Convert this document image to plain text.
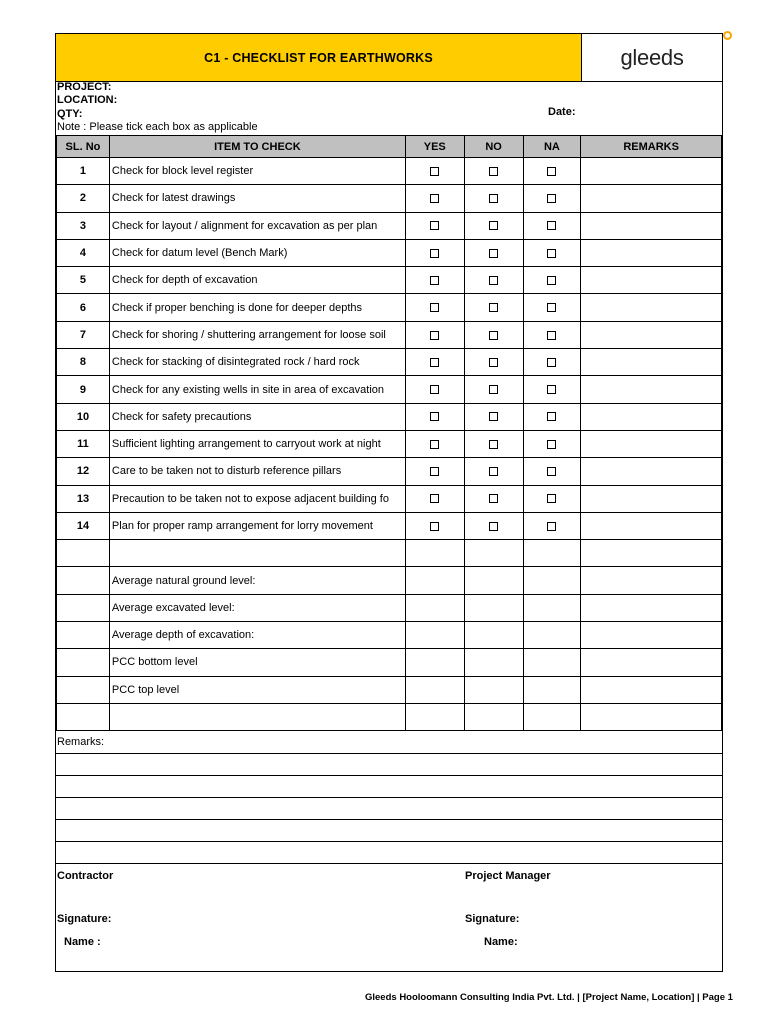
C1 - CHECKLIST FOR EARTHWORKS	gleeds
PROJECT:
LOCATION:
QTY:	Date:
Note : Please tick each box as applicable
SL. No	ITEM TO CHECK	YES	NO	NA	REMARKS
1	Check for block level register				
2	Check for latest drawings				
3	Check for layout / alignment for excavation as per plan				
4	Check for datum level (Bench Mark)				
5	Check for depth of excavation				
6	Check if proper benching is done for deeper depths				
7	Check for shoring / shuttering arrangement for loose soil				
8	Check for stacking of disintegrated rock / hard rock				
9	Check for any existing wells in site in area of excavation				
10	Check for safety precautions				
11	Sufficient lighting arrangement to carryout work at night				
12	Care to be taken not to disturb reference pillars				
13	Precaution to be taken not to expose adjacent building fo				
14	Plan for proper ramp arrangement for lorry movement				

	Average natural ground level:				
	Average excavated level:				
	Average depth of excavation:				
	PCC bottom level				
	PCC top level				

Remarks:
Contractor	Project Manager
Signature:	Signature:
Name :	Name:
Gleeds Hooloomann Consulting India Pvt. Ltd. | [Project Name, Location] | Page 1
